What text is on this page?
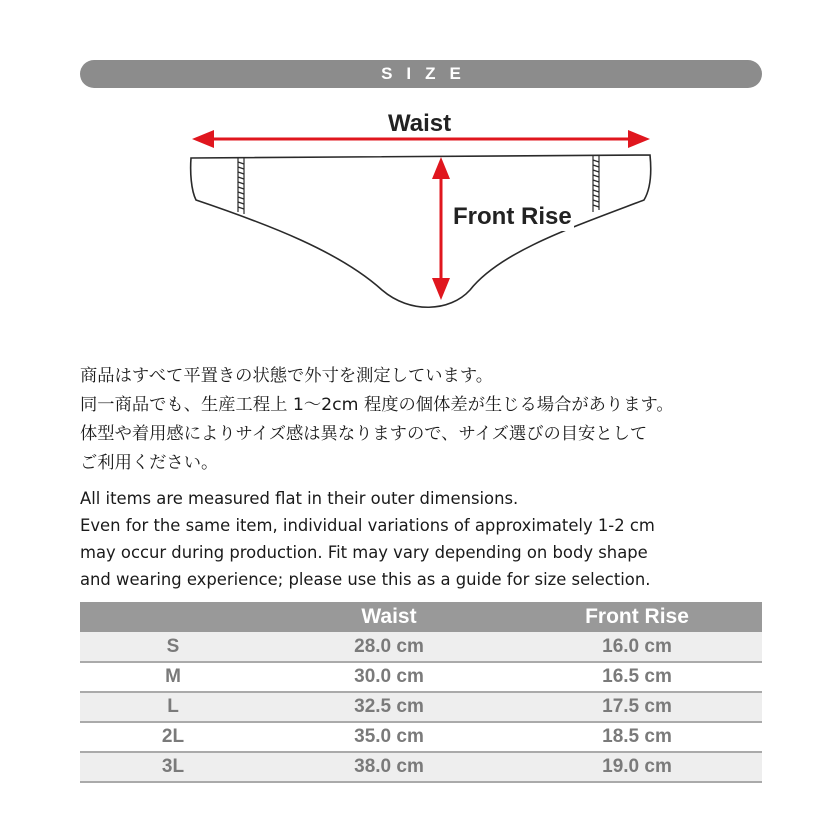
SIZE
Waist
Front Rise
商品はすべて平置きの状態で外寸を測定しています。
同一商品でも、生産工程上 1～2cm 程度の個体差が生じる場合があります。
体型や着用感によりサイズ感は異なりますので、サイズ選びの目安として
ご利用ください。
All items are measured flat in their outer dimensions.
Even for the same item, individual variations of approximately 1-2 cm
may occur during production. Fit may vary depending on body shape
and wearing experience; please use this as a guide for size selection.
	Waist	Front Rise
S	28.0 cm	16.0 cm
M	30.0 cm	16.5 cm
L	32.5 cm	17.5 cm
2L	35.0 cm	18.5 cm
3L	38.0 cm	19.0 cm
